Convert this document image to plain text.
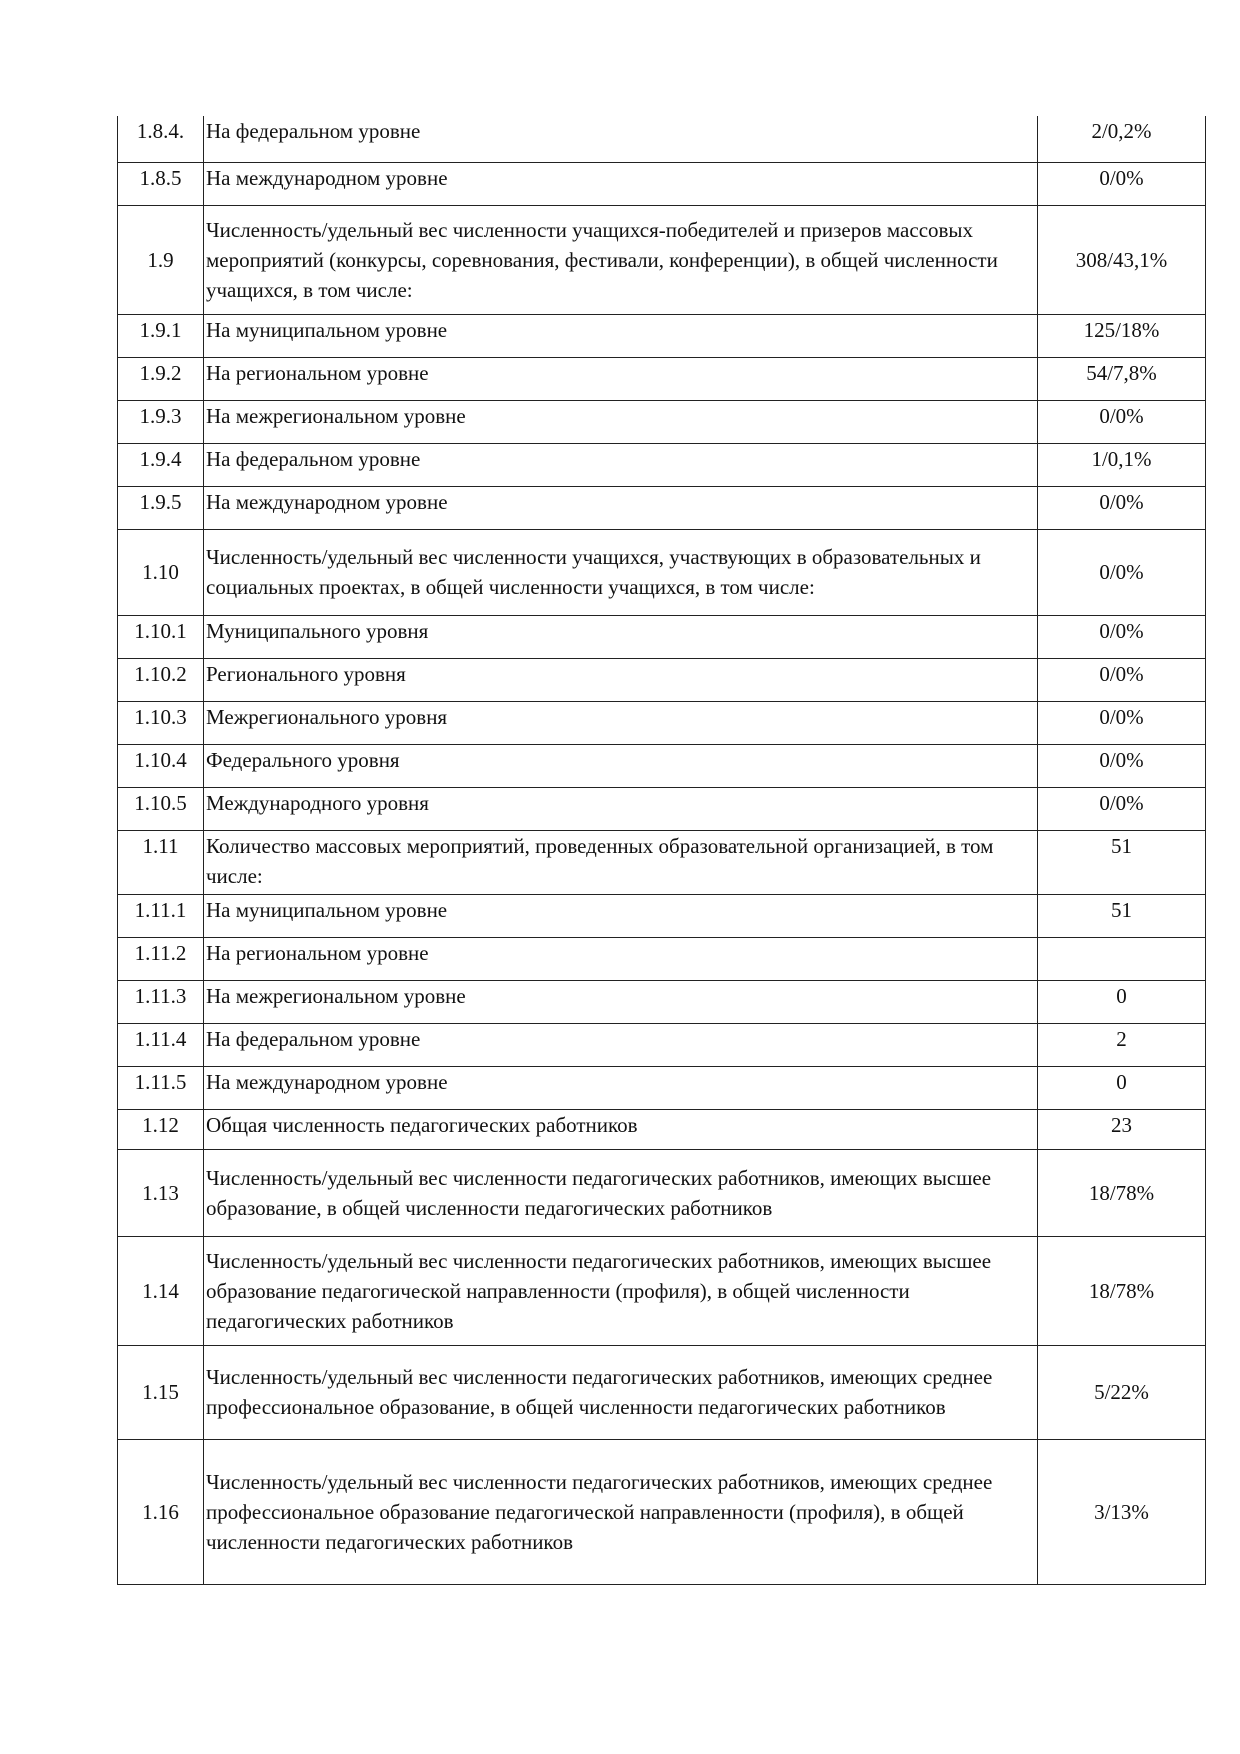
1.8.4.	На федеральном уровне	2/0,2%
1.8.5	На международном уровне	0/0%
1.9	Численность/удельный вес численности учащихся-победителей и призеров массовых мероприятий (конкурсы, соревнования, фестивали, конференции), в общей численности учащихся, в том числе:	308/43,1%
1.9.1	На муниципальном уровне	125/18%
1.9.2	На региональном уровне	54/7,8%
1.9.3	На межрегиональном уровне	0/0%
1.9.4	На федеральном уровне	1/0,1%
1.9.5	На международном уровне	0/0%
1.10	Численность/удельный вес численности учащихся, участвующих в образовательных и социальных проектах, в общей численности учащихся, в том числе:	0/0%
1.10.1	Муниципального уровня	0/0%
1.10.2	Регионального уровня	0/0%
1.10.3	Межрегионального уровня	0/0%
1.10.4	Федерального уровня	0/0%
1.10.5	Международного уровня	0/0%
1.11	Количество массовых мероприятий, проведенных образовательной организацией, в том числе:	51
1.11.1	На муниципальном уровне	51
1.11.2	На региональном уровне	
1.11.3	На межрегиональном уровне	0
1.11.4	На федеральном уровне	2
1.11.5	На международном уровне	0
1.12	Общая численность педагогических работников	23
1.13	Численность/удельный вес численности педагогических работников, имеющих высшее образование, в общей численности педагогических работников	18/78%
1.14	Численность/удельный вес численности педагогических работников, имеющих высшее образование педагогической направленности (профиля), в общей численности педагогических работников	18/78%
1.15	Численность/удельный вес численности педагогических работников, имеющих среднее профессиональное образование, в общей численности педагогических работников	5/22%
1.16	Численность/удельный вес численности педагогических работников, имеющих среднее профессиональное образование педагогической направленности (профиля), в общей численности педагогических работников	3/13%
